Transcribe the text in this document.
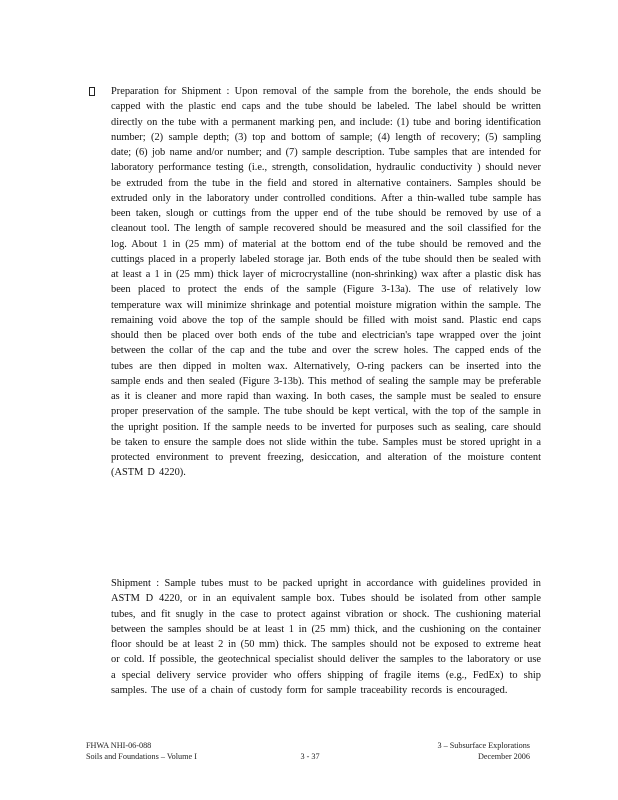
Preparation for Shipment : Upon removal of the sample from the borehole, the ends should be capped with the plastic end caps and the tube should be labeled. The label should be written directly on the tube with a permanent marking pen, and include: (1) tube and boring identification number; (2) sample depth; (3) top and bottom of sample; (4) length of recovery; (5) sampling date; (6) job name and/or number; and (7) sample description. Tube samples that are intended for laboratory performance testing (i.e., strength, consolidation, hydraulic conductivity ) should never be extruded from the tube in the field and stored in alternative containers. Samples should be extruded only in the laboratory under controlled conditions. After a thin-walled tube sample has been taken, slough or cuttings from the upper end of the tube should be removed by use of a cleanout tool. The length of sample recovered should be measured and the soil classified for the log. About 1 in (25 mm) of material at the bottom end of the tube should be removed and the cuttings placed in a properly labeled storage jar. Both ends of the tube should then be sealed with at least a 1 in (25 mm) thick layer of microcrystalline (non-shrinking) wax after a plastic disk has been placed to protect the ends of the sample (Figure 3-13a). The use of relatively low temperature wax will minimize shrinkage and potential moisture migration within the sample. The remaining void above the top of the sample should be filled with moist sand. Plastic end caps should then be placed over both ends of the tube and electrician's tape wrapped over the joint between the collar of the cap and the tube and over the screw holes. The capped ends of the tubes are then dipped in molten wax. Alternatively, O-ring packers can be inserted into the sample ends and then sealed (Figure 3-13b). This method of sealing the sample may be preferable as it is cleaner and more rapid than waxing. In both cases, the sample must be sealed to ensure proper preservation of the sample. The tube should be kept vertical, with the top of the sample in the upright position. If the sample needs to be inverted for purposes such as sealing, care should be taken to ensure the sample does not slide within the tube. Samples must be stored upright in a protected environment to prevent freezing, desiccation, and alteration of the moisture content (ASTM D 4220).

Shipment : Sample tubes must to be packed upright in accordance with guidelines provided in ASTM D 4220, or in an equivalent sample box. Tubes should be isolated from other sample tubes, and fit snugly in the case to protect against vibration or shock. The cushioning material between the samples should be at least 1 in (25 mm) thick, and the cushioning on the container floor should be at least 2 in (50 mm) thick. The samples should not be exposed to extreme heat or cold. If possible, the geotechnical specialist should deliver the samples to the laboratory or use a special delivery service provider who offers shipping of fragile items (e.g., FedEx) to ship samples. The use of a chain of custody form for sample traceability records is encouraged.

FHWA NHI-06-088
Soils and Foundations – Volume I	3 - 37
3 – Subsurface Explorations
December 2006
